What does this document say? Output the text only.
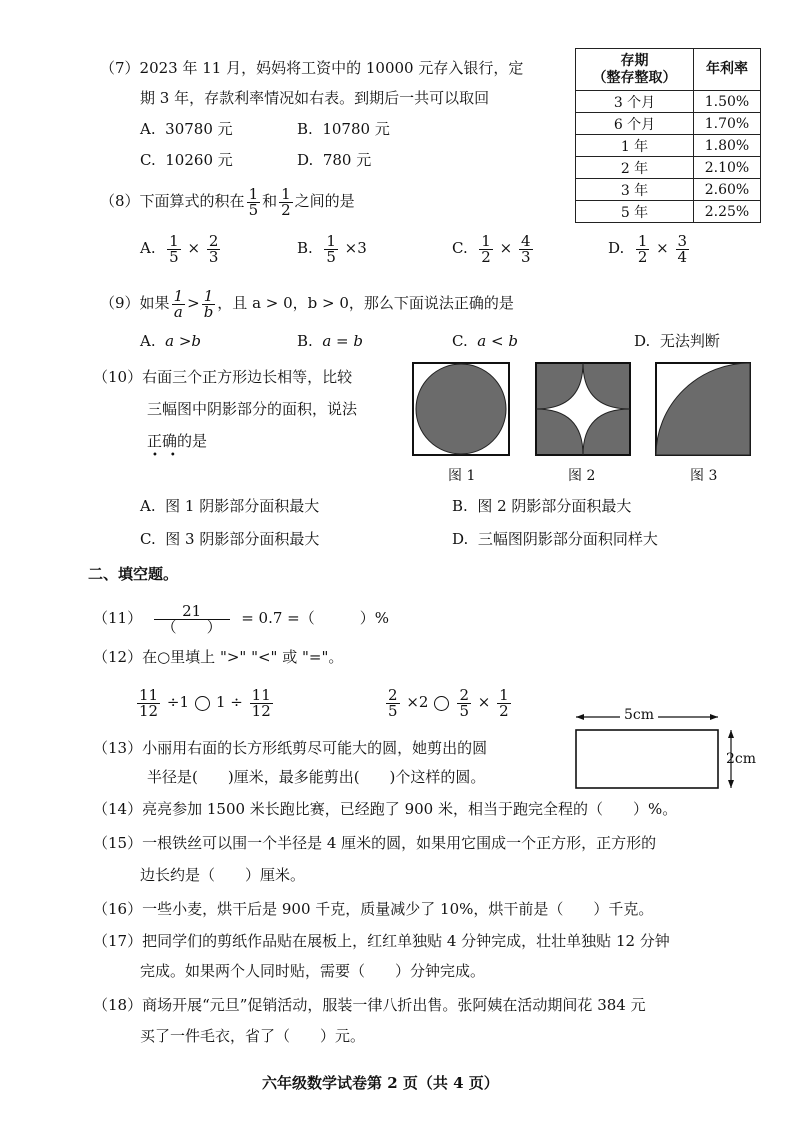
（7）2023 年 11 月，妈妈将工资中的 10000 元存入银行，定
期 3 年，存款利率情况如右表。到期后一共可以取回
A. 30780 元	B. 10780 元
C. 10260 元	D. 780 元
存期
（整存整取）	年利率
3 个月	1.50%
6 个月	1.70%
1 年	1.80%
2 年	2.10%
3 年	2.60%
5 年	2.25%
（8）下面算式的积在 $\frac{1}{5}$ 和 $\frac{1}{2}$ 之间的是
A. $\frac{1}{5} \times \frac{2}{3}$	B. $\frac{1}{5} \times 3$	C. $\frac{1}{2} \times \frac{4}{3}$	D. $\frac{1}{2} \times \frac{3}{4}$
（9）如果 $\frac{1}{a} > \frac{1}{b}$ ，且 a > 0，b > 0，那么下面说法正确的是
A. a >b	B. a = b	C. a < b	D. 无法判断
（10）右面三个正方形边长相等，比较
三幅图中阴影部分的面积，说法
正确的是
••
图 1	图 2	图 3
A. 图 1 阴影部分面积最大	B. 图 2 阴影部分面积最大
C. 图 3 阴影部分面积最大	D. 三幅图阴影部分面积同样大
二、填空题。
$(11) \frac{21}{( )} = 0.7$ =（　　　）%
（12）在○里填上 ">" "<" 或 "="。
$\frac{11}{12} \div 1$ $1 \div \frac{11}{12}$	$\frac{2}{5} \times 2 \frac{2}{5} \times \frac{1}{2}$
（13）小丽用右面的长方形纸剪尽可能大的圆，她剪出的圆
半径是(　　)厘米，最多能剪出(　　)个这样的圆。
5cm
2cm
（14）亮亮参加 1500 米长跑比赛，已经跑了 900 米，相当于跑完全程的（　　）%。
（15）一根铁丝可以围一个半径是 4 厘米的圆，如果用它围成一个正方形，正方形的
边长约是（　　）厘米。
（16）一些小麦，烘干后是 900 千克，质量减少了 10%，烘干前是（　　）千克。
（17）把同学们的剪纸作品贴在展板上，红红单独贴 4 分钟完成，壮壮单独贴 12 分钟
完成。如果两个人同时贴，需要（　　）分钟完成。
（18）商场开展“元旦”促销活动，服装一律八折出售。张阿姨在活动期间花 384 元
买了一件毛衣，省了（　　）元。
六年级数学试卷第 2 页（共 4 页）
